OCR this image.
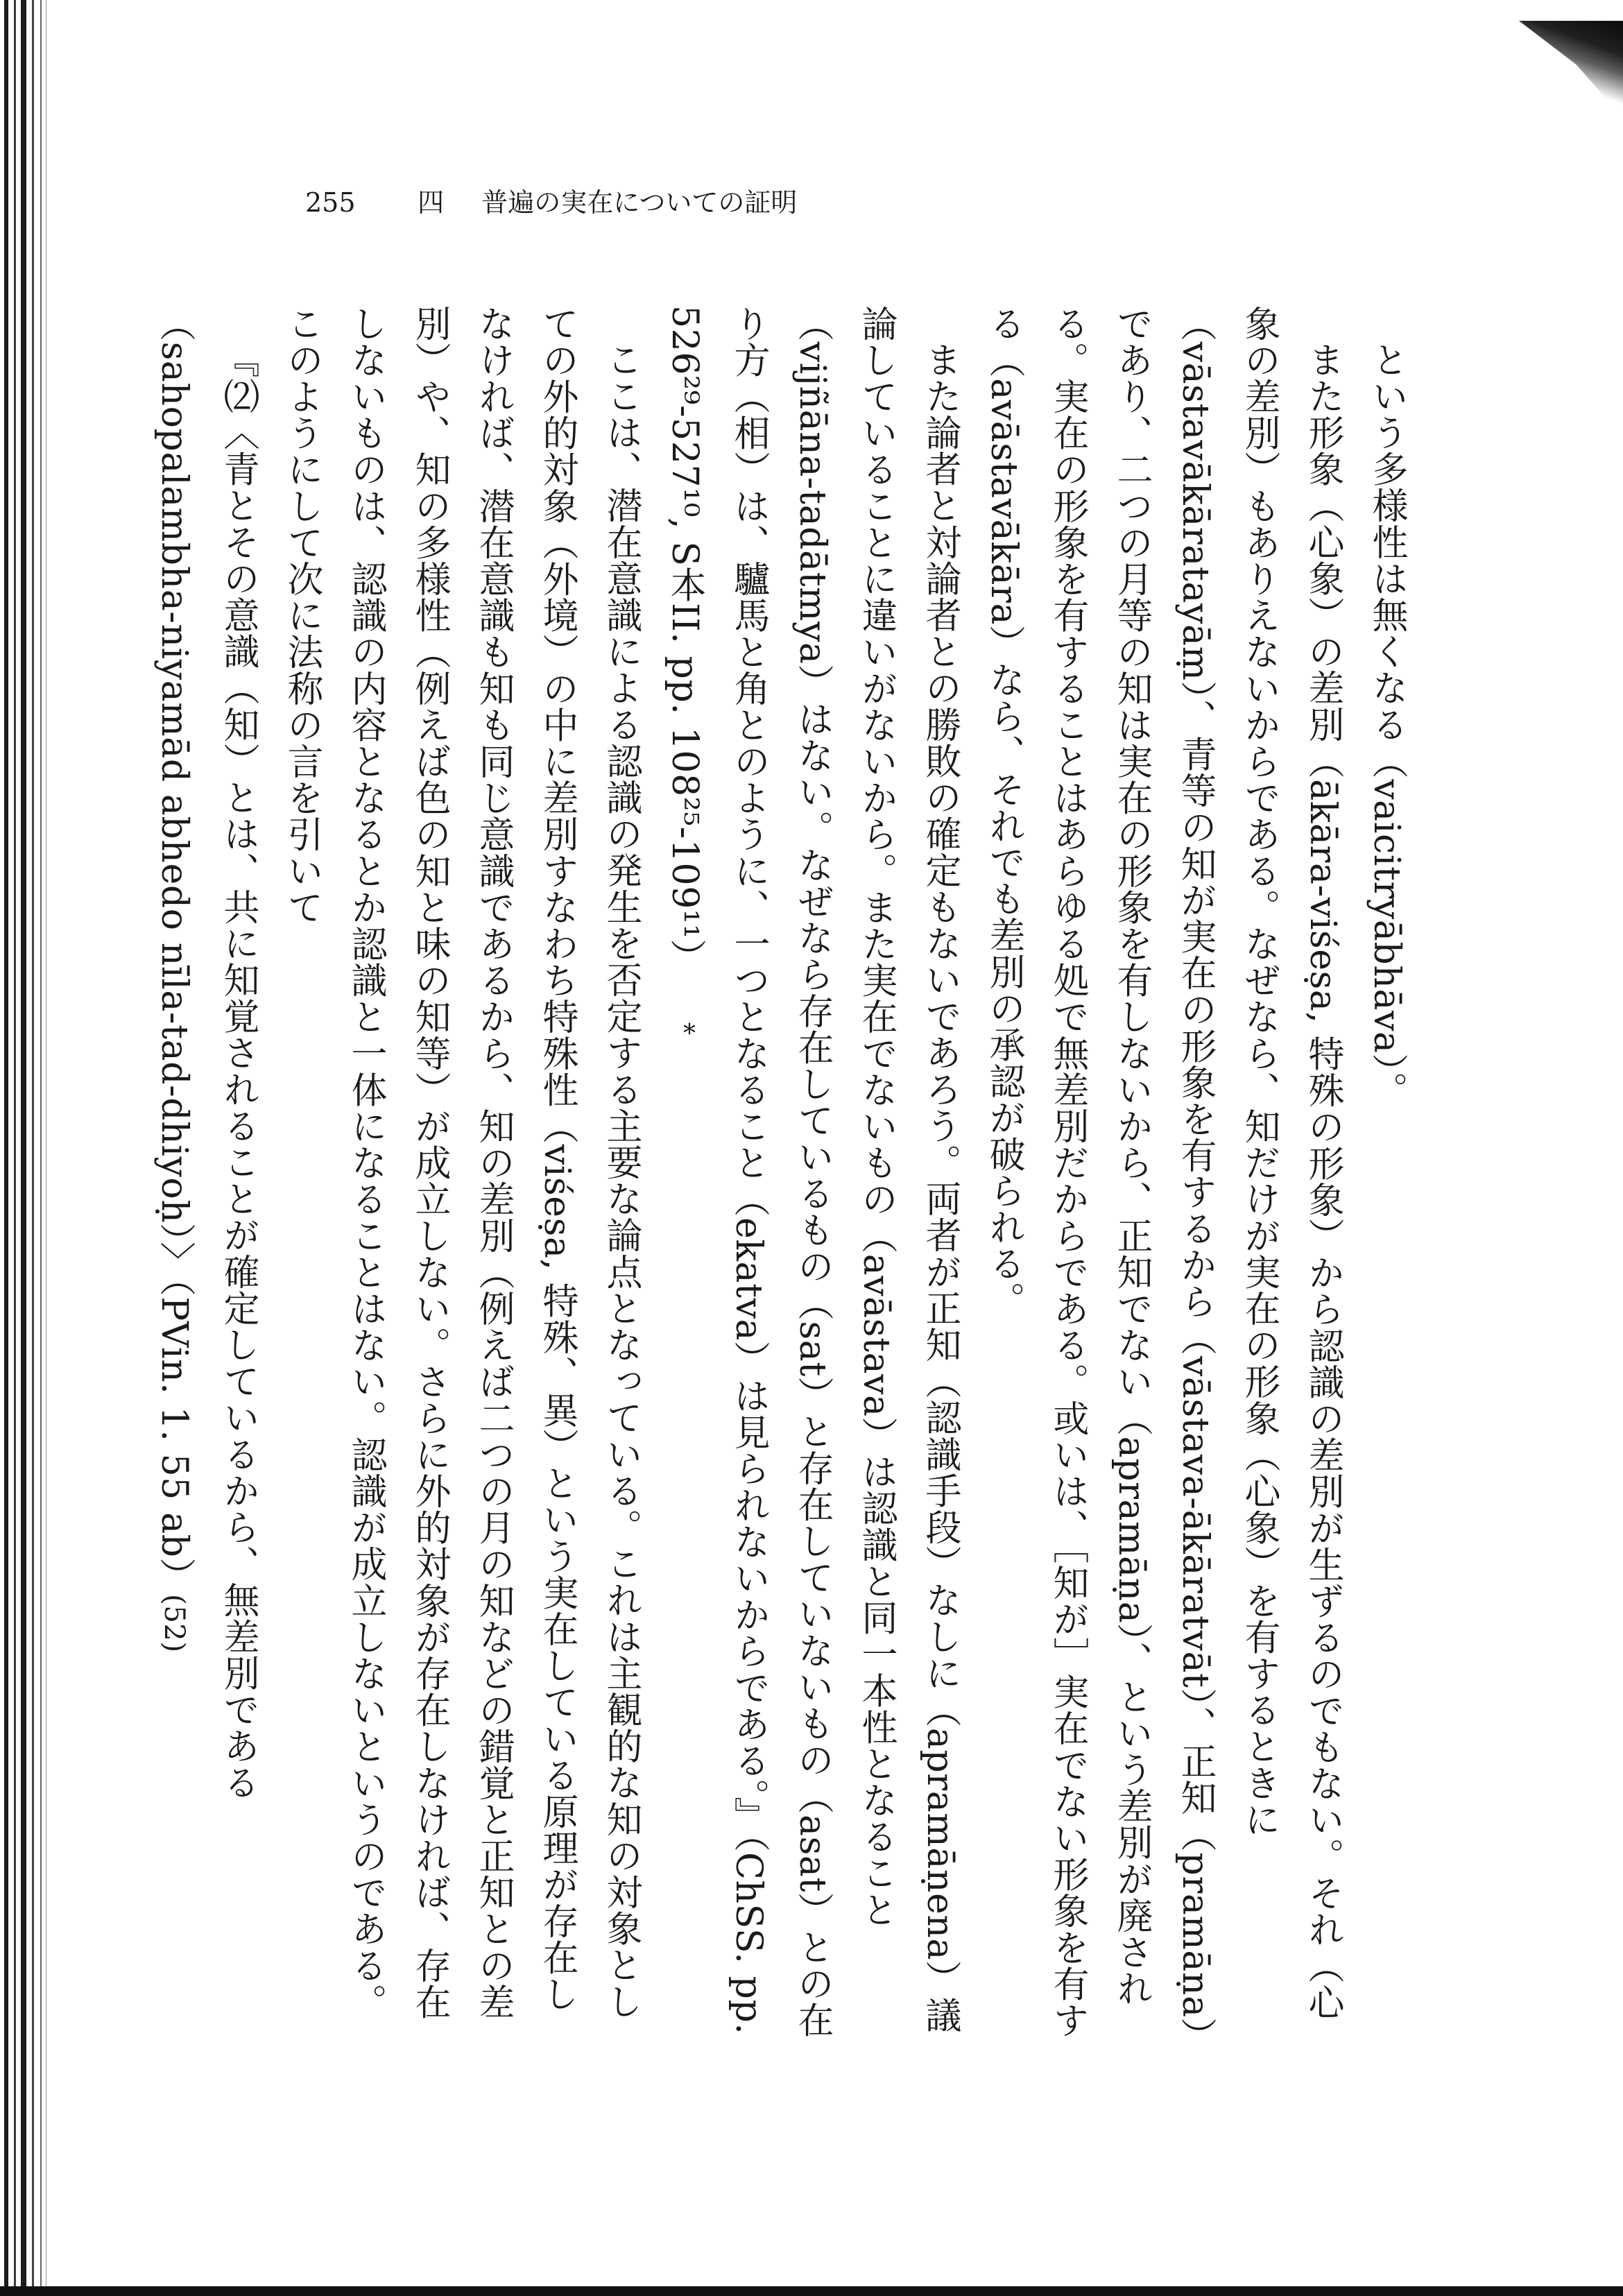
255 四 普遍の実在についての証明

という多様性は無くなる（vaicitryābhāva）。

また形象（心象）の差別（ākāra-viśeṣa, 特殊の形象）から認識の差別が生ずるのでもない。それ（心象の差別）もありえないからである。なぜなら、知だけが実在の形象（心象）を有するときに（vāstavākāratayāṃ）、青等の知が実在の形象を有するから（vāstava-ākāratvāt）、正知（pramāṇa）であり、二つの月等の知は実在の形象を有しないから、正知でない（apramāṇa）、という差別が廃される。実在の形象を有することはあらゆる処で無差別だからである。或いは、［知が］実在でない形象を有する（avāstavākāra）なら、それでも差別の承認が破られる。

また論者と対論者との勝敗の確定もないであろう。両者が正知（認識手段）なしに（apramāṇena）議論していることに違いがないから。また実在でないもの（avāstava）は認識と同一本性となること（vijñāna-tadātmya）はない。なぜなら存在しているもの（sat）と存在していないもの（asat）との在り方（相）は、驢馬と角とのように、一つとなること（ekatva）は見られないからである。』（ChSS. pp. 526²⁹-527¹⁰, S本II. pp. 108²⁵-109¹¹）

ここは、潜在意識による認識の発生を否定する主要な論点となっている。これは主観的な知の対象としての外的対象（外境）の中に差別すなわち特殊性（viśeṣa, 特殊、異）という実在している原理が存在しなければ、潜在意識も知も同じ意識であるから、知の差別（例えば二つの月の知などの錯覚と正知との差別）や、知の多様性（例えば色の知と味の知等）が成立しない。さらに外的対象が存在しなければ、存在しないものは、認識の内容となるとか認識と一体になることはない。認識が成立しないというのである。このようにして次に法称の言を引いて

『⑵〈青とその意識（知）とは、共に知覚されることが確定しているから、無差別である（sahopalambha-niyamād abhedo nīla-tad-dhiyoḥ）〉（PVin. 1. 55 ab）(52)

*
